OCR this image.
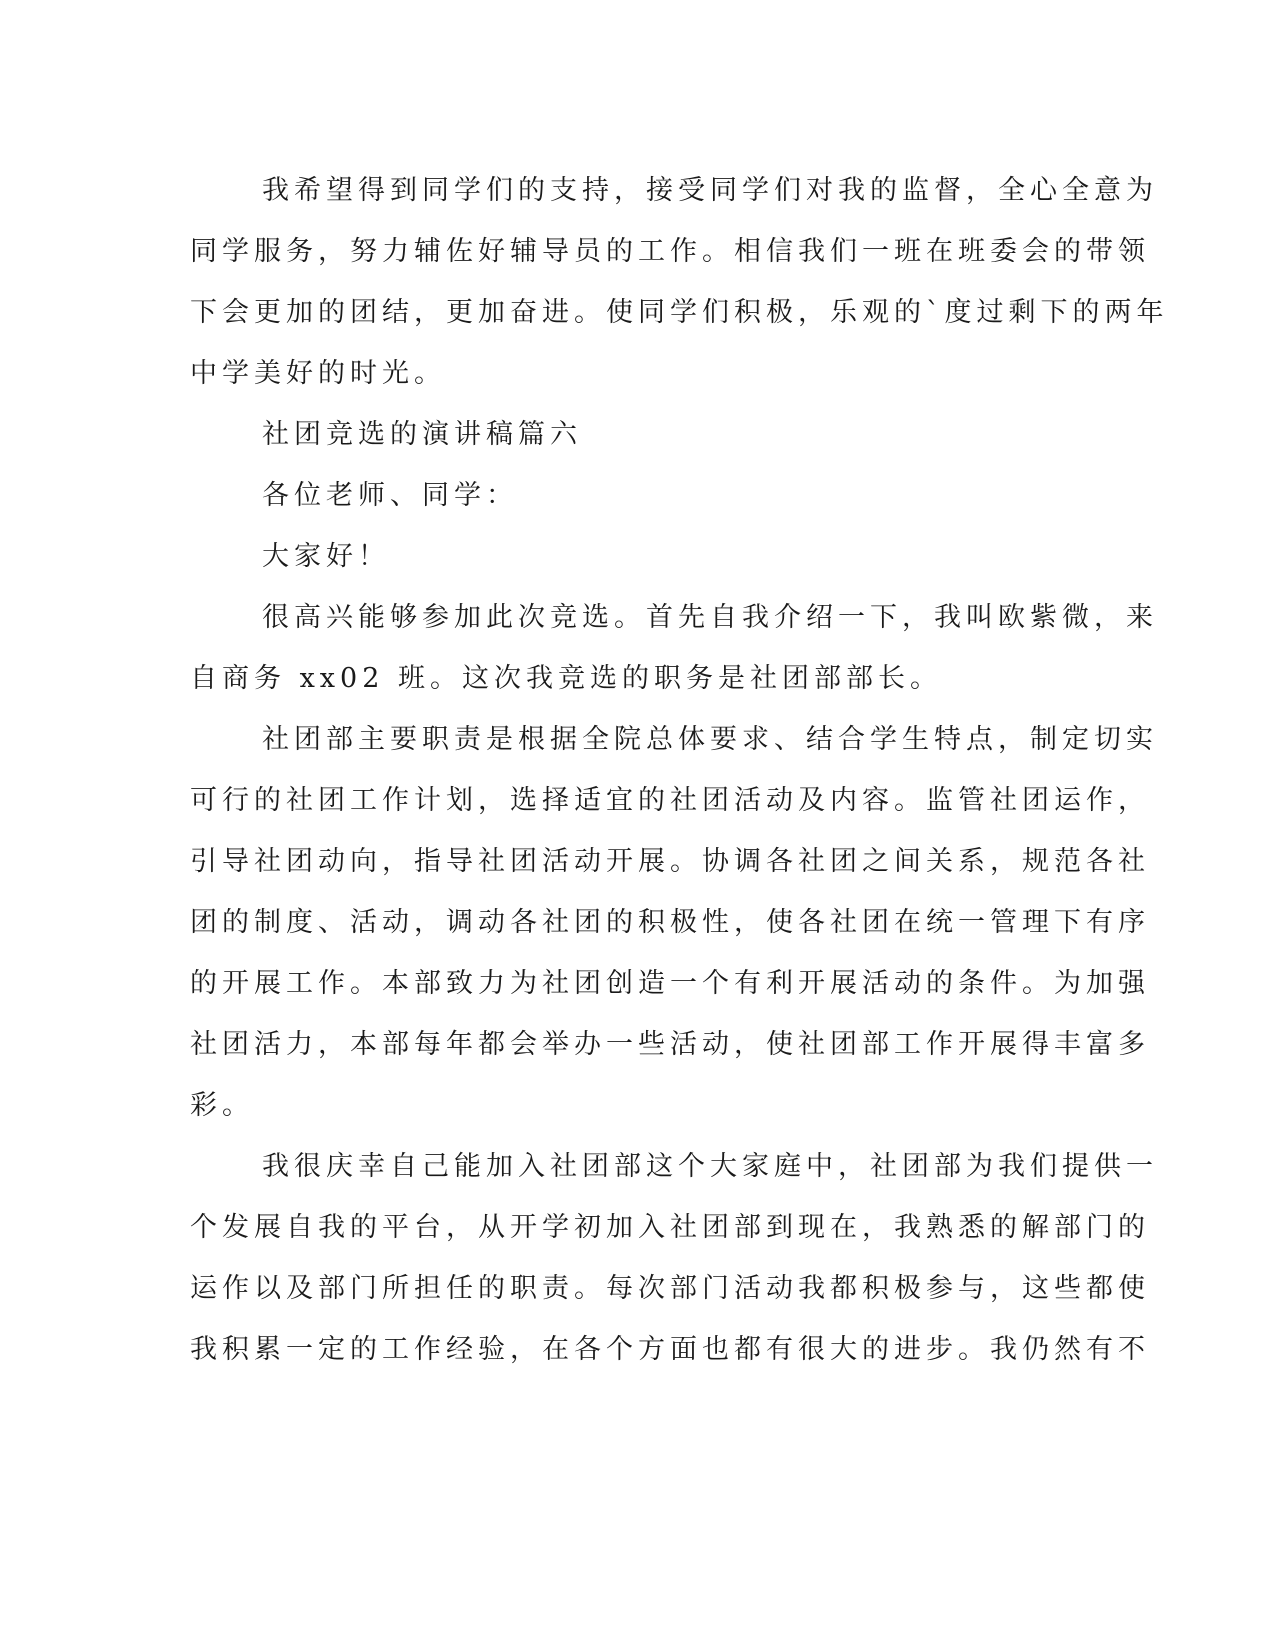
我希望得到同学们的支持，接受同学们对我的监督，全心全意为
同学服务，努力辅佐好辅导员的工作。相信我们一班在班委会的带领
下会更加的团结，更加奋进。使同学们积极，乐观的`度过剩下的两年
中学美好的时光。
社团竞选的演讲稿篇六
各位老师、同学：
大家好！
很高兴能够参加此次竞选。首先自我介绍一下，我叫欧紫微，来
自商务 xx02 班。这次我竞选的职务是社团部部长。
社团部主要职责是根据全院总体要求、结合学生特点，制定切实
可行的社团工作计划，选择适宜的社团活动及内容。监管社团运作，
引导社团动向，指导社团活动开展。协调各社团之间关系，规范各社
团的制度、活动，调动各社团的积极性，使各社团在统一管理下有序
的开展工作。本部致力为社团创造一个有利开展活动的条件。为加强
社团活力，本部每年都会举办一些活动，使社团部工作开展得丰富多
彩。
我很庆幸自己能加入社团部这个大家庭中，社团部为我们提供一
个发展自我的平台，从开学初加入社团部到现在，我熟悉的解部门的
运作以及部门所担任的职责。每次部门活动我都积极参与，这些都使
我积累一定的工作经验，在各个方面也都有很大的进步。我仍然有不
